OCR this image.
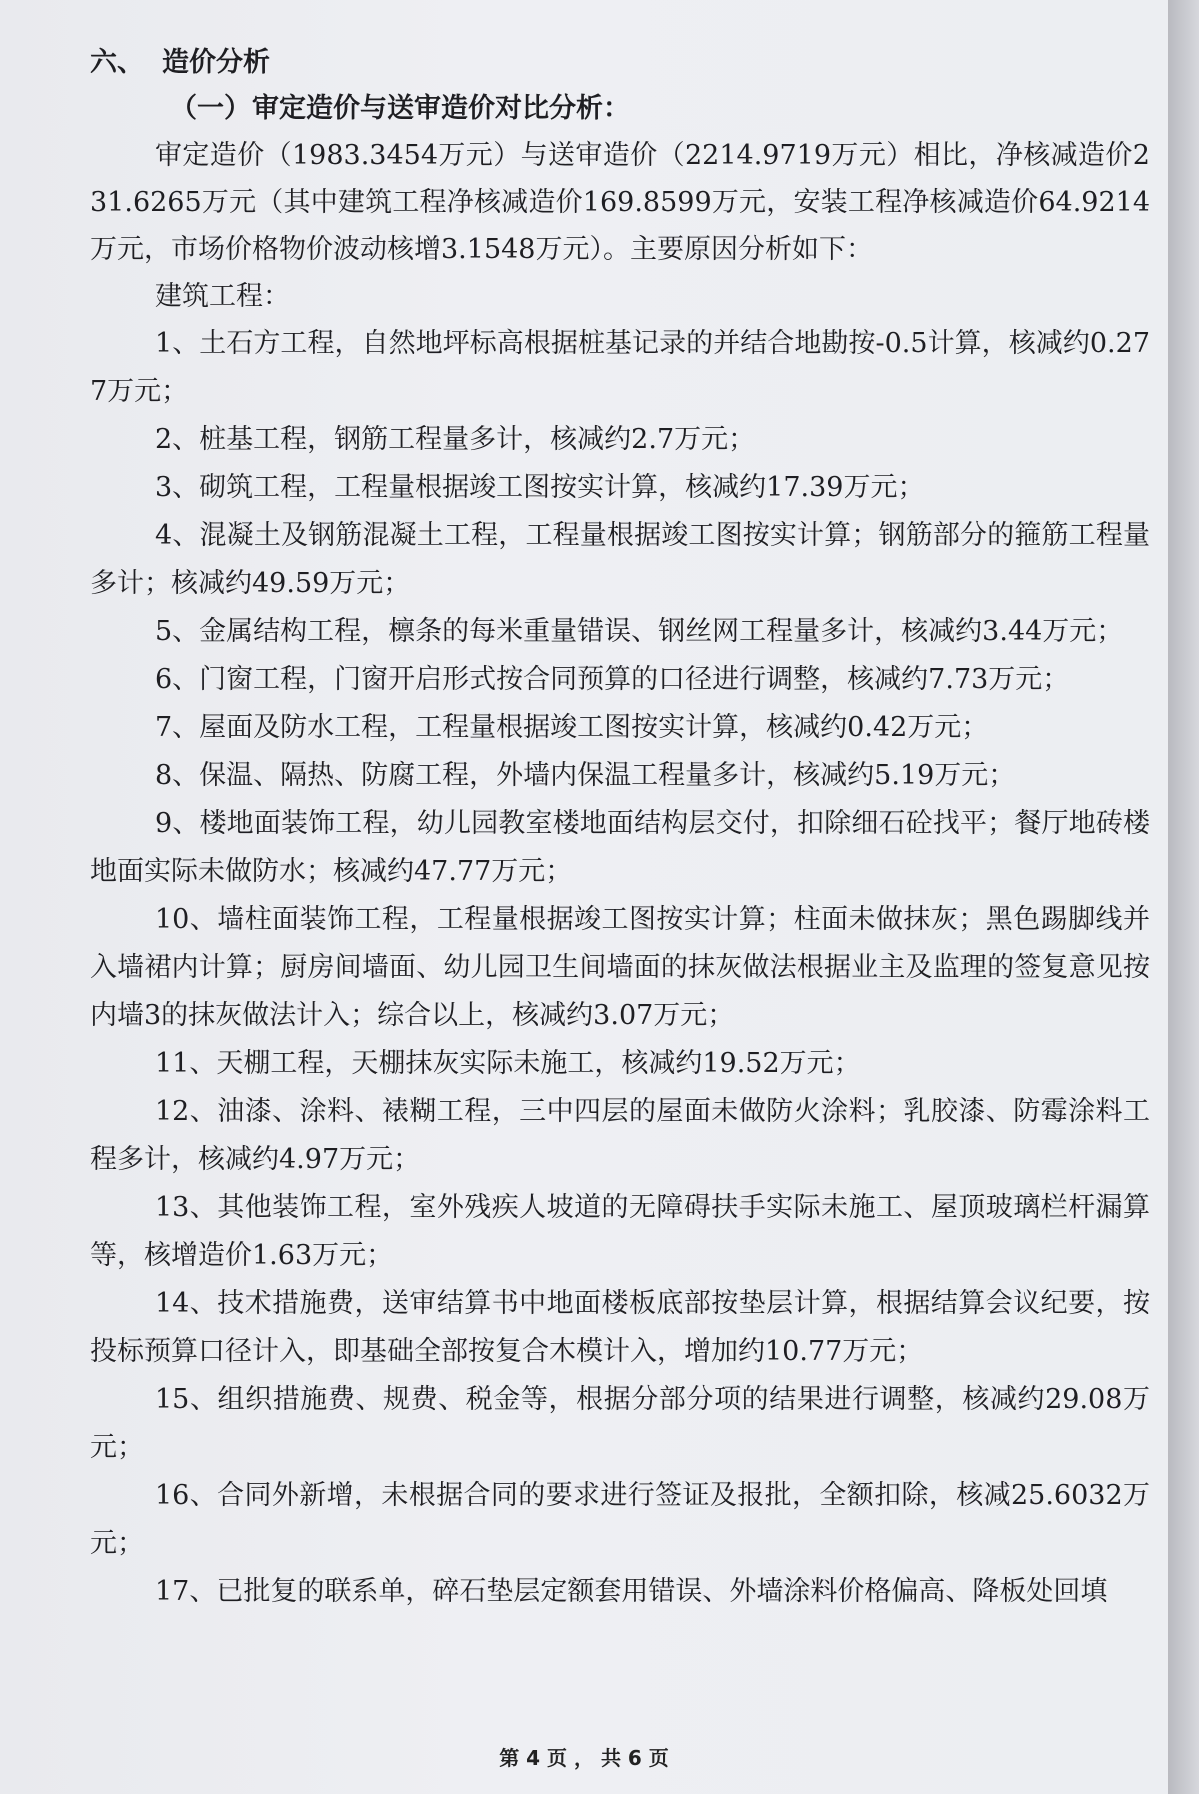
六、 造价分析
（一）审定造价与送审造价对比分析：
审定造价（1983.3454万元）与送审造价（2214.9719万元）相比，净核减造价231.6265万元（其中建筑工程净核减造价169.8599万元，安装工程净核减造价64.9214万元，市场价格物价波动核增3.1548万元）。主要原因分析如下：
建筑工程：
1、土石方工程，自然地坪标高根据桩基记录的并结合地勘按-0.5计算，核减约0.277万元；
2、桩基工程，钢筋工程量多计，核减约2.7万元；
3、砌筑工程，工程量根据竣工图按实计算，核减约17.39万元；
4、混凝土及钢筋混凝土工程，工程量根据竣工图按实计算；钢筋部分的箍筋工程量多计；核减约49.59万元；
5、金属结构工程，檩条的每米重量错误、钢丝网工程量多计，核减约3.44万元；
6、门窗工程，门窗开启形式按合同预算的口径进行调整，核减约7.73万元；
7、屋面及防水工程，工程量根据竣工图按实计算，核减约0.42万元；
8、保温、隔热、防腐工程，外墙内保温工程量多计，核减约5.19万元；
9、楼地面装饰工程，幼儿园教室楼地面结构层交付，扣除细石砼找平；餐厅地砖楼地面实际未做防水；核减约47.77万元；
10、墙柱面装饰工程，工程量根据竣工图按实计算；柱面未做抹灰；黑色踢脚线并入墙裙内计算；厨房间墙面、幼儿园卫生间墙面的抹灰做法根据业主及监理的签复意见按内墙3的抹灰做法计入；综合以上，核减约3.07万元；
11、天棚工程，天棚抹灰实际未施工，核减约19.52万元；
12、油漆、涂料、裱糊工程，三中四层的屋面未做防火涂料；乳胶漆、防霉涂料工程多计，核减约4.97万元；
13、其他装饰工程，室外残疾人坡道的无障碍扶手实际未施工、屋顶玻璃栏杆漏算等，核增造价1.63万元；
14、技术措施费，送审结算书中地面楼板底部按垫层计算，根据结算会议纪要，按投标预算口径计入，即基础全部按复合木模计入，增加约10.77万元；
15、组织措施费、规费、税金等，根据分部分项的结果进行调整，核减约29.08万元；
16、合同外新增，未根据合同的要求进行签证及报批，全额扣除，核减25.6032万元；
17、已批复的联系单，碎石垫层定额套用错误、外墙涂料价格偏高、降板处回填
第 4 页 ， 共 6 页
